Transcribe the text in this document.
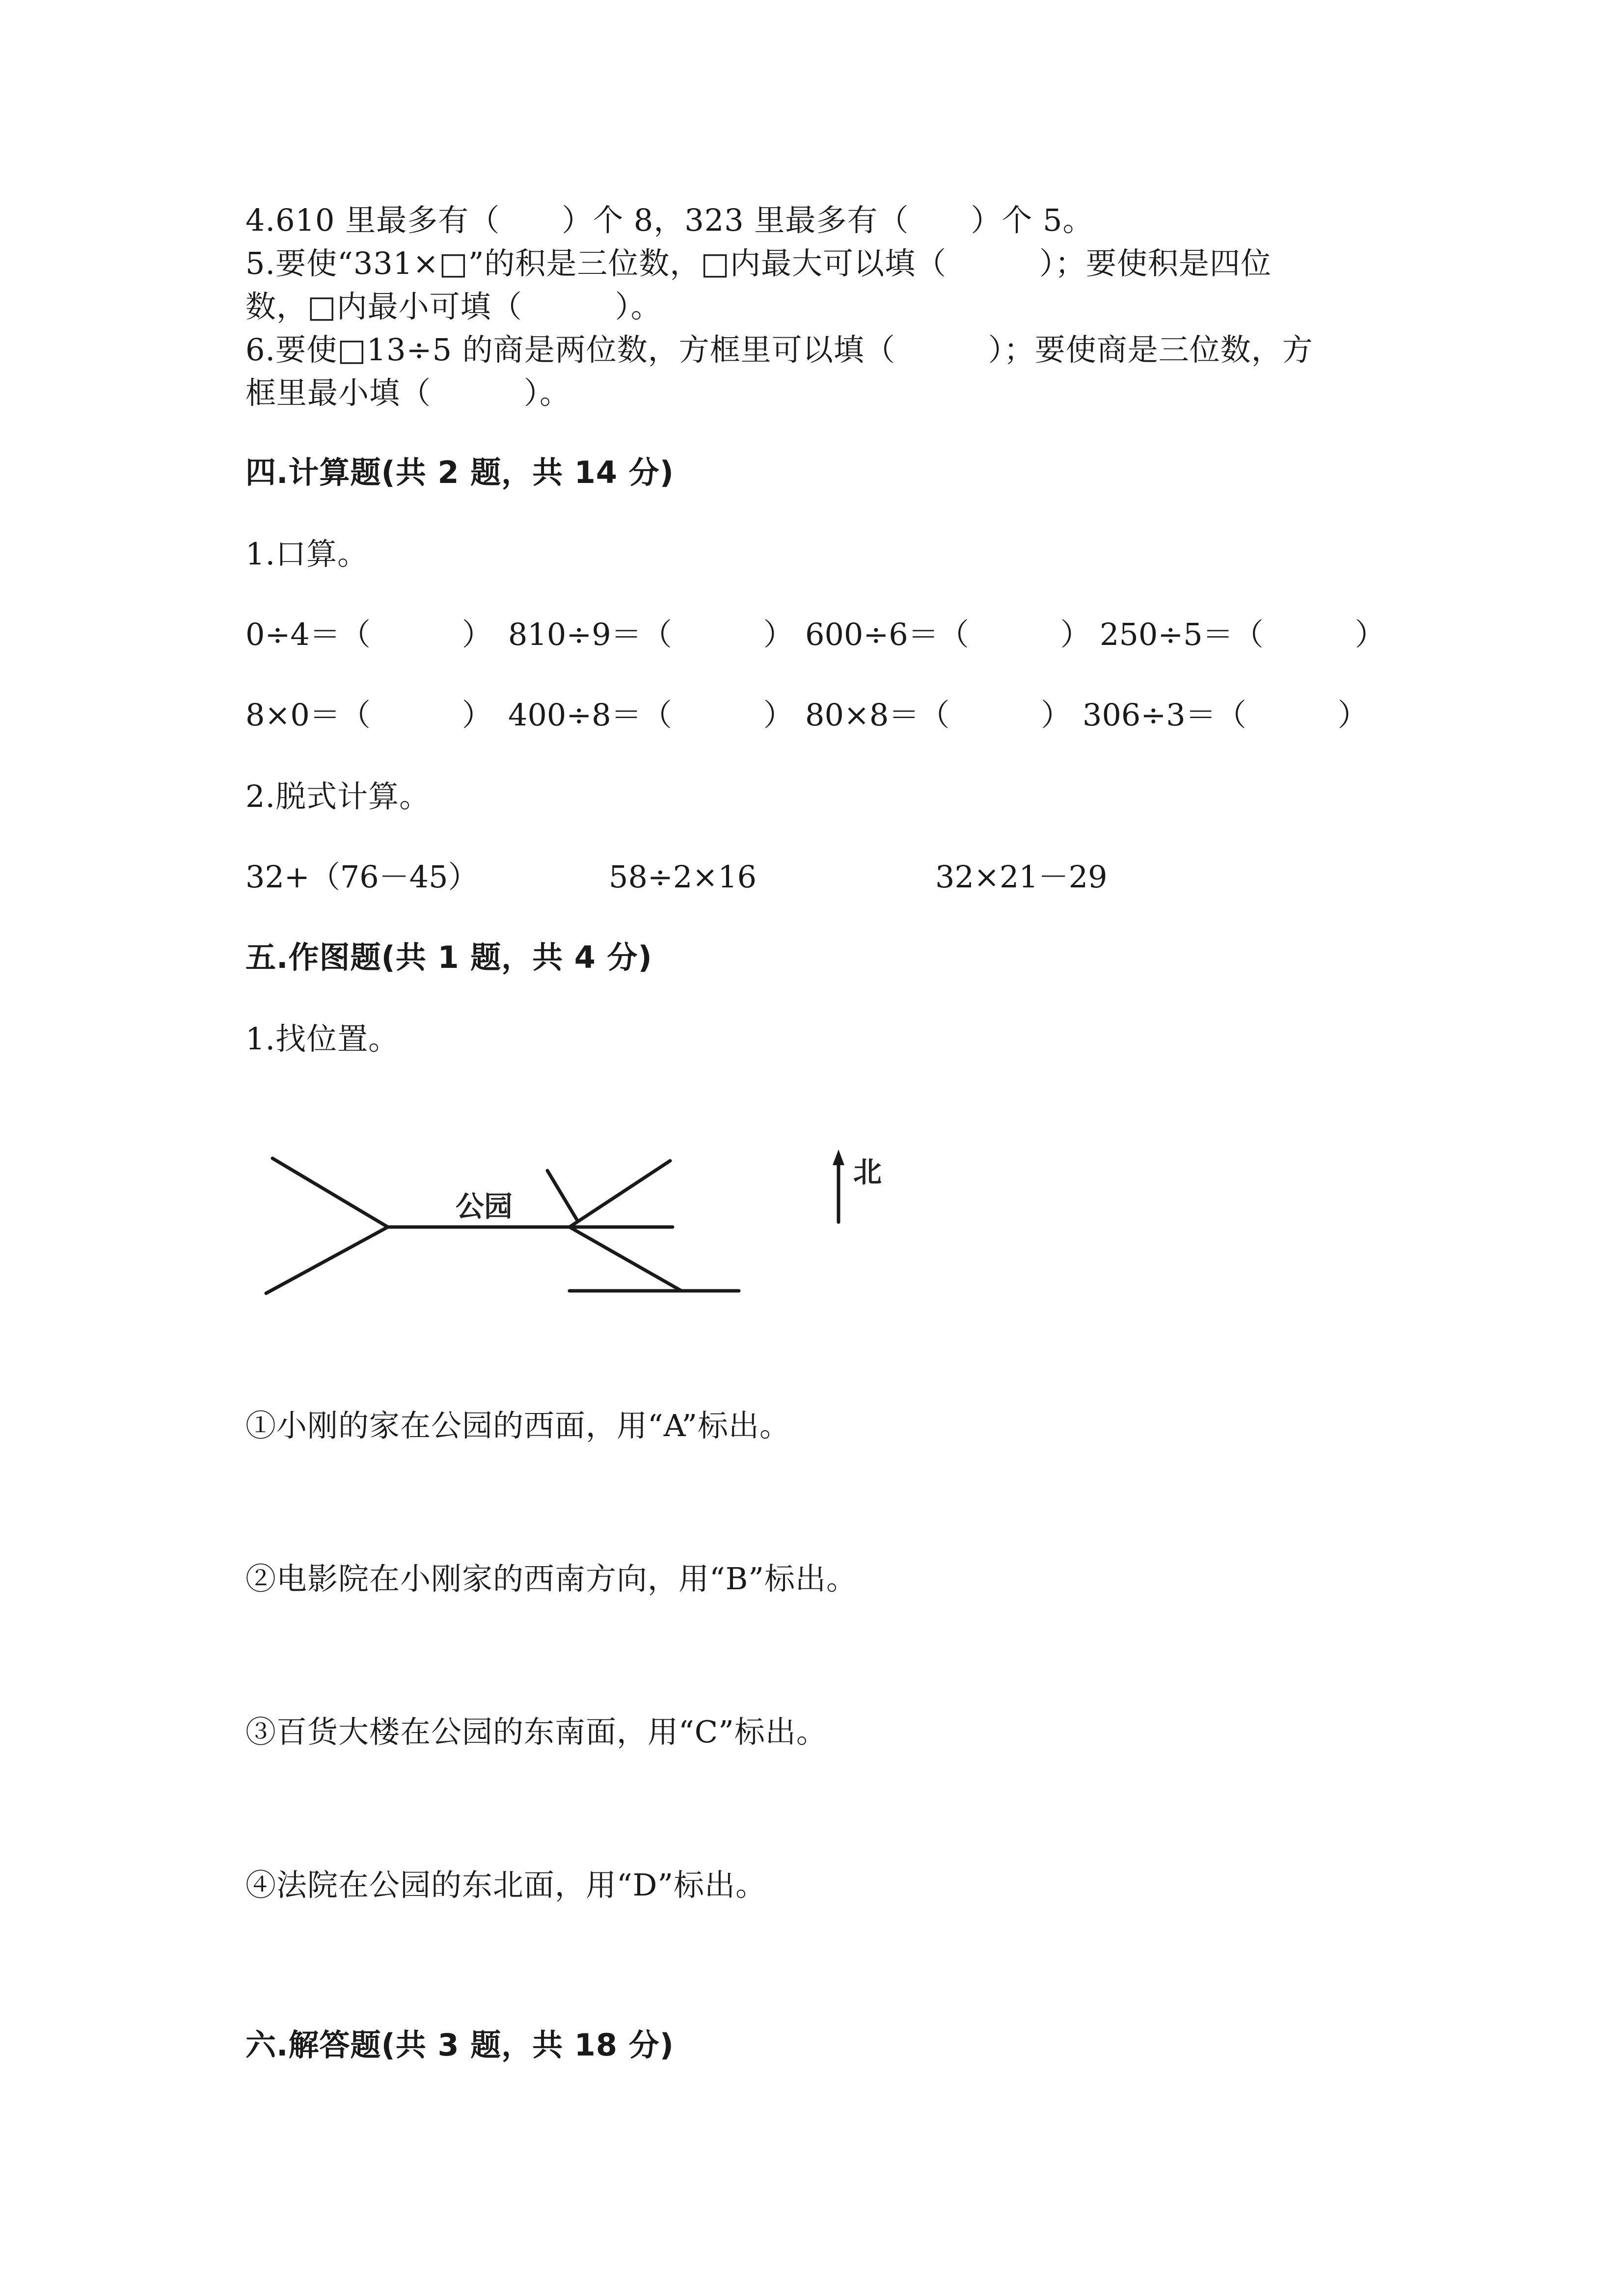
4.610 里最多有（　　）个 8，323 里最多有（　　）个 5。
5.要使“331×□”的积是三位数，□内最大可以填（　　　）；要使积是四位
数，□内最小可填（　　　）。
6.要使□13÷5 的商是两位数，方框里可以填（　　　）；要使商是三位数，方
框里最小填（　　　）。
四.计算题(共 2 题，共 14 分)
1.口算。
0÷4＝（　　　） 810÷9＝（　　　） 600÷6＝（　　　） 250÷5＝（　　　）
8×0＝（　　　） 400÷8＝（　　　） 80×8＝（　　　） 306÷3＝（　　　）
2.脱式计算。
32+（76－45）	58÷2×16	32×21－29
五.作图题(共 1 题，共 4 分)
1.找位置。
公园
北
①小刚的家在公园的西面，用“A”标出。
②电影院在小刚家的西南方向，用“B”标出。
③百货大楼在公园的东南面，用“C”标出。
④法院在公园的东北面，用“D”标出。
六.解答题(共 3 题，共 18 分)
